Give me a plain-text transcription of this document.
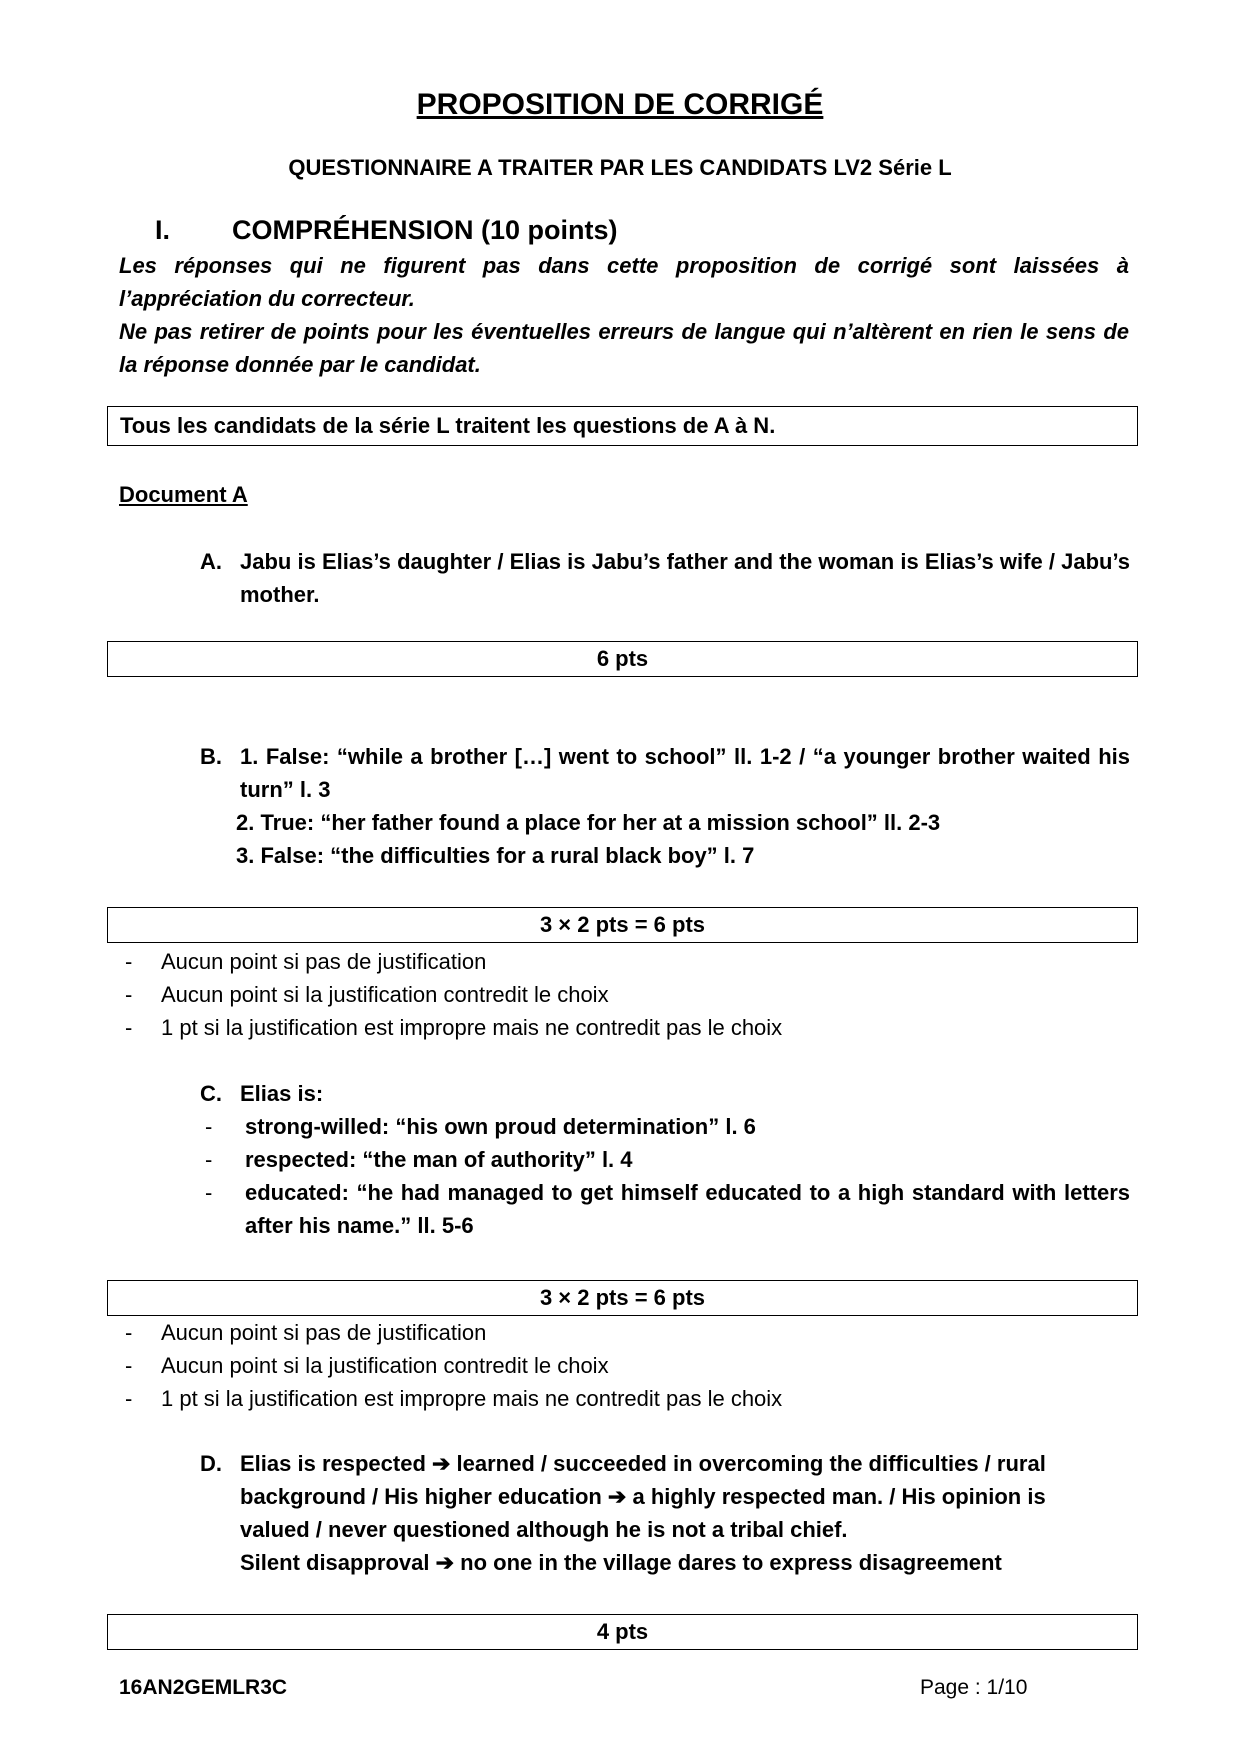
PROPOSITION DE CORRIGÉ
QUESTIONNAIRE A TRAITER PAR LES CANDIDATS LV2 Série L
I. COMPRÉHENSION (10 points)
Les réponses qui ne figurent pas dans cette proposition de corrigé sont laissées à l’appréciation du correcteur.
Ne pas retirer de points pour les éventuelles erreurs de langue qui n’altèrent en rien le sens de la réponse donnée par le candidat.
Tous les candidats de la série L traitent les questions de A à N.
Document A
A. Jabu is Elias’s daughter / Elias is Jabu’s father and the woman is Elias’s wife / Jabu’s mother.
6 pts
B. 1. False: “while a brother […] went to school” ll. 1-2 / “a younger brother waited his turn” l. 3
2. True: “her father found a place for her at a mission school” ll. 2-3
3. False: “the difficulties for a rural black boy” l. 7
3 × 2 pts = 6 pts
- Aucun point si pas de justification
- Aucun point si la justification contredit le choix
- 1 pt si la justification est impropre mais ne contredit pas le choix
C. Elias is:
- strong-willed: “his own proud determination” l. 6
- respected: “the man of authority” l. 4
- educated: “he had managed to get himself educated to a high standard with letters after his name.” ll. 5-6
3 × 2 pts = 6 pts
- Aucun point si pas de justification
- Aucun point si la justification contredit le choix
- 1 pt si la justification est impropre mais ne contredit pas le choix
D. Elias is respected ➔ learned / succeeded in overcoming the difficulties / rural background / His higher education ➔ a highly respected man. / His opinion is valued / never questioned although he is not a tribal chief.
Silent disapproval ➔ no one in the village dares to express disagreement
4 pts
16AN2GEMLR3C	Page : 1/10
